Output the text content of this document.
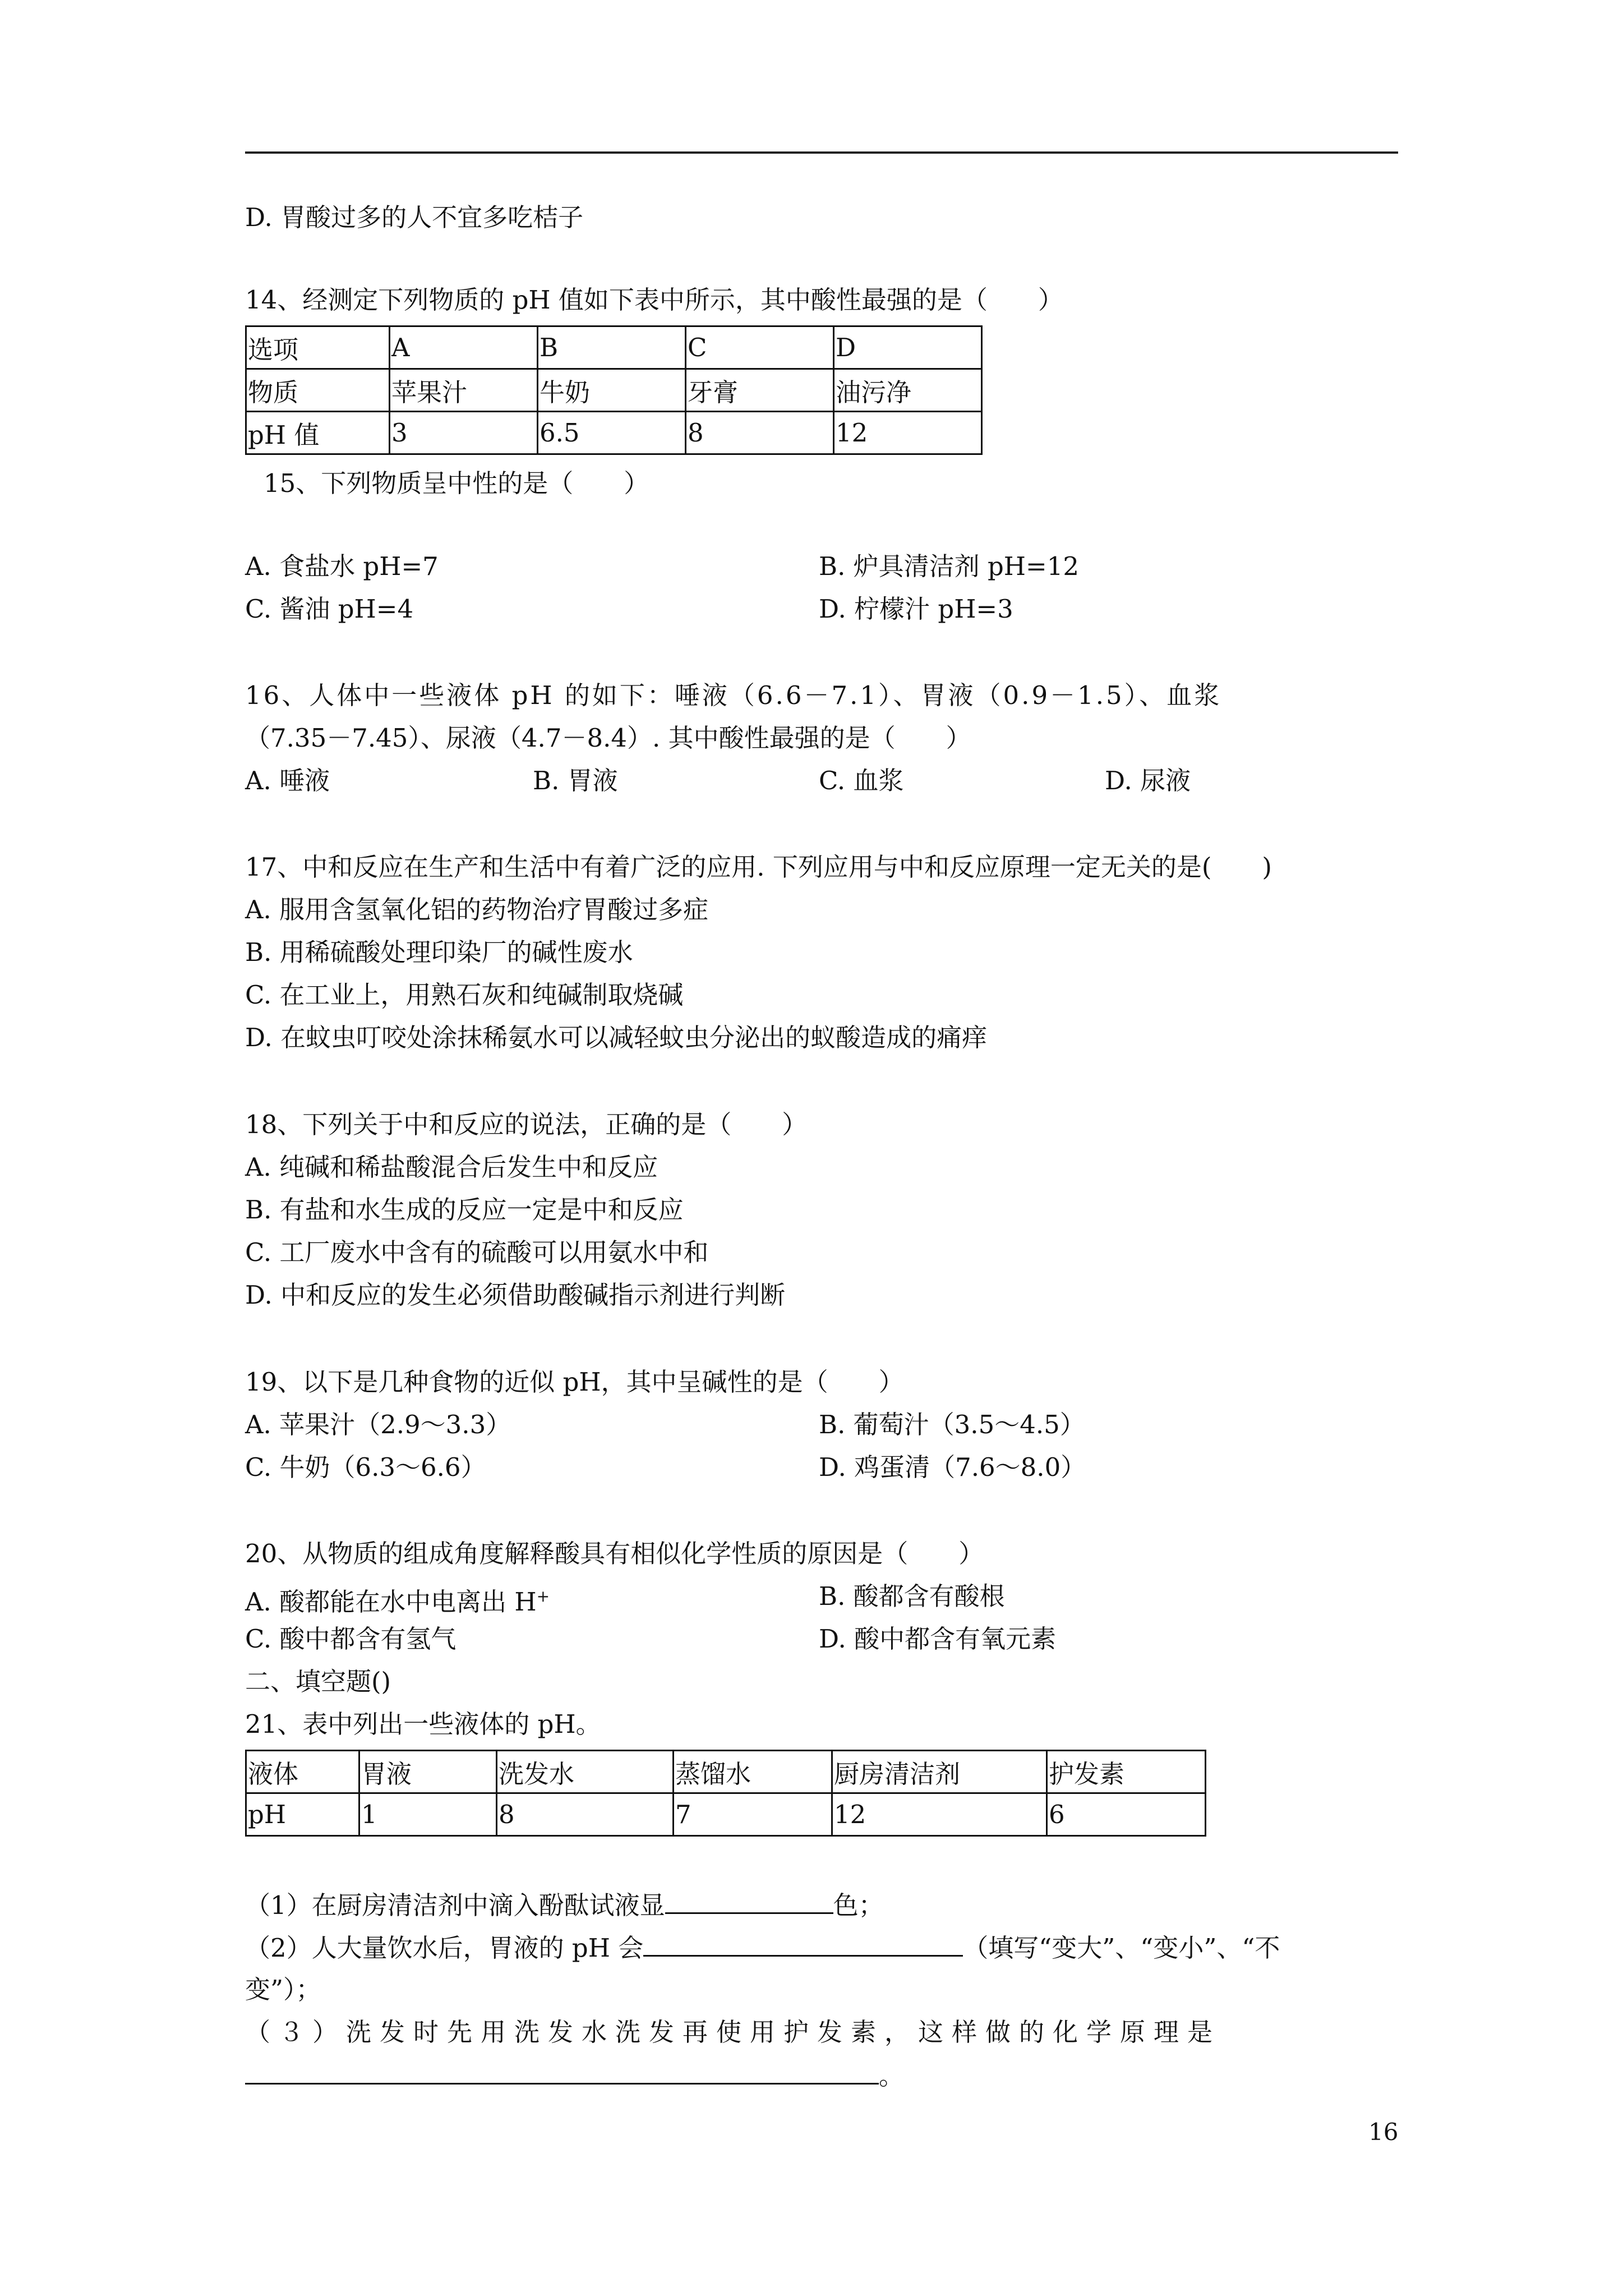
D. 胃酸过多的人不宜多吃桔子
14、经测定下列物质的 pH 值如下表中所示，其中酸性最强的是（　　）
选项	A	B	C	D
物质	苹果汁	牛奶	牙膏	油污净
pH 值	3	6.5	8	12
15、下列物质呈中性的是（　　）
A. 食盐水 pH=7	B. 炉具清洁剂 pH=12
C. 酱油 pH=4	D. 柠檬汁 pH=3
16、人体中一些液体 pH 的如下：唾液（6.6－7.1）、胃液（0.9－1.5）、血浆
（7.35－7.45）、尿液（4.7－8.4）. 其中酸性最强的是（　　）
A. 唾液	B. 胃液	C. 血浆	D. 尿液
17、中和反应在生产和生活中有着广泛的应用. 下列应用与中和反应原理一定无关的是(　　)
A. 服用含氢氧化铝的药物治疗胃酸过多症
B. 用稀硫酸处理印染厂的碱性废水
C. 在工业上，用熟石灰和纯碱制取烧碱
D. 在蚊虫叮咬处涂抹稀氨水可以减轻蚊虫分泌出的蚁酸造成的痛痒
18、下列关于中和反应的说法，正确的是（　　）
A. 纯碱和稀盐酸混合后发生中和反应
B. 有盐和水生成的反应一定是中和反应
C. 工厂废水中含有的硫酸可以用氨水中和
D. 中和反应的发生必须借助酸碱指示剂进行判断
19、以下是几种食物的近似 pH，其中呈碱性的是（　　）
A. 苹果汁（2.9～3.3）	B. 葡萄汁（3.5～4.5）
C. 牛奶（6.3～6.6）	D. 鸡蛋清（7.6～8.0）
20、从物质的组成角度解释酸具有相似化学性质的原因是（　　）
A. 酸都能在水中电离出 H+	B. 酸都含有酸根
C. 酸中都含有氢气	D. 酸中都含有氧元素
二、填空题()
21、表中列出一些液体的 pH。
液体	胃液	洗发水	蒸馏水	厨房清洁剂	护发素
pH	1	8	7	12	6
（1）在厨房清洁剂中滴入酚酞试液显	色；
（2）人大量饮水后，胃液的 pH 会	（填写“变大”、“变小”、“不
变”）；
（３）洗发时先用洗发水洗发再使用护发素，这样做的化学原理是
。
16
